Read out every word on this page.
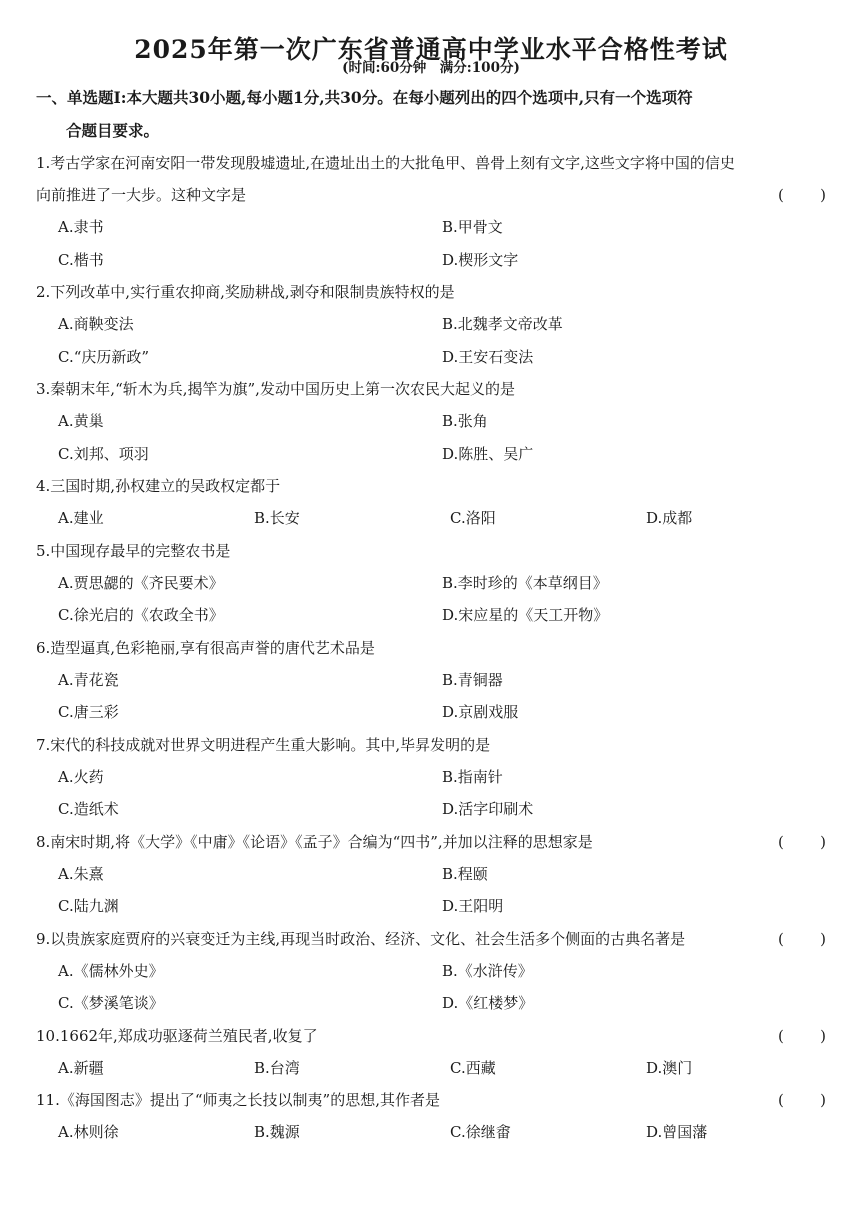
2025年第一次广东省普通高中学业水平合格性考试
(时间:60分钟　满分:100分)
一、单选题Ⅰ:本大题共30小题,每小题1分,共30分。在每小题列出的四个选项中,只有一个选项符
合题目要求。
1.考古学家在河南安阳一带发现殷墟遗址,在遗址出土的大批龟甲、兽骨上刻有文字,这些文字将中国的信史
向前推进了一大步。这种文字是	( )
A.隶书	B.甲骨文
C.楷书	D.楔形文字
2.下列改革中,实行重农抑商,奖励耕战,剥夺和限制贵族特权的是
A.商鞅变法	B.北魏孝文帝改革
C.“庆历新政”	D.王安石变法
3.秦朝末年,“斩木为兵,揭竿为旗”,发动中国历史上第一次农民大起义的是
A.黄巢	B.张角
C.刘邦、项羽	D.陈胜、吴广
4.三国时期,孙权建立的吴政权定都于
A.建业	B.长安	C.洛阳	D.成都
5.中国现存最早的完整农书是
A.贾思勰的《齐民要术》	B.李时珍的《本草纲目》
C.徐光启的《农政全书》	D.宋应星的《天工开物》
6.造型逼真,色彩艳丽,享有很高声誉的唐代艺术品是
A.青花瓷	B.青铜器
C.唐三彩	D.京剧戏服
7.宋代的科技成就对世界文明进程产生重大影响。其中,毕昇发明的是
A.火药	B.指南针
C.造纸术	D.活字印刷术
8.南宋时期,将《大学》《中庸》《论语》《孟子》合编为“四书”,并加以注释的思想家是	( )
A.朱熹	B.程颐
C.陆九渊	D.王阳明
9.以贵族家庭贾府的兴衰变迁为主线,再现当时政治、经济、文化、社会生活多个侧面的古典名著是	( )
A.《儒林外史》	B.《水浒传》
C.《梦溪笔谈》	D.《红楼梦》
10.1662年,郑成功驱逐荷兰殖民者,收复了	( )
A.新疆	B.台湾	C.西藏	D.澳门
11.《海国图志》提出了“师夷之长技以制夷”的思想,其作者是	( )
A.林则徐	B.魏源	C.徐继畬	D.曾国藩
